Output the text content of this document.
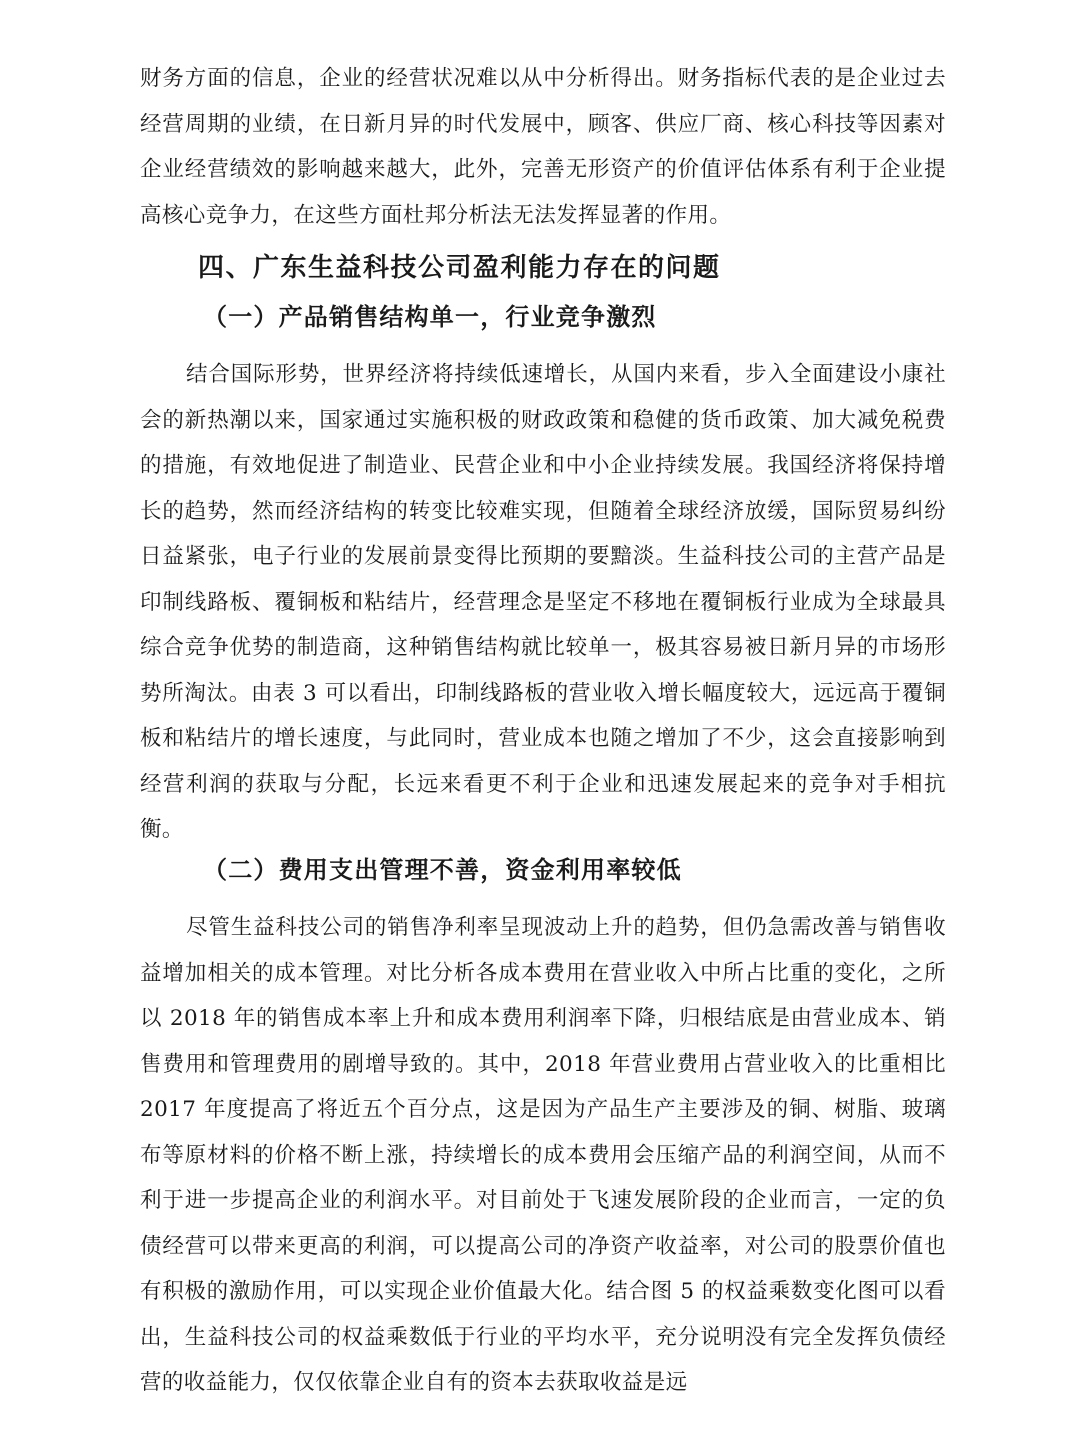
财务方面的信息，企业的经营状况难以从中分析得出。财务指标代表的是企业过去经营周期的业绩，在日新月异的时代发展中，顾客、供应厂商、核心科技等因素对企业经营绩效的影响越来越大，此外，完善无形资产的价值评估体系有利于企业提高核心竞争力，在这些方面杜邦分析法无法发挥显著的作用。

四、广东生益科技公司盈利能力存在的问题
（一）产品销售结构单一，行业竞争激烈

结合国际形势，世界经济将持续低速增长，从国内来看，步入全面建设小康社会的新热潮以来，国家通过实施积极的财政政策和稳健的货币政策、加大减免税费的措施，有效地促进了制造业、民营企业和中小企业持续发展。我国经济将保持增长的趋势，然而经济结构的转变比较难实现，但随着全球经济放缓，国际贸易纠纷日益紧张，电子行业的发展前景变得比预期的要黯淡。生益科技公司的主营产品是印制线路板、覆铜板和粘结片，经营理念是坚定不移地在覆铜板行业成为全球最具综合竞争优势的制造商，这种销售结构就比较单一，极其容易被日新月异的市场形势所淘汰。由表 3 可以看出，印制线路板的营业收入增长幅度较大，远远高于覆铜板和粘结片的增长速度，与此同时，营业成本也随之增加了不少，这会直接影响到经营利润的获取与分配，长远来看更不利于企业和迅速发展起来的竞争对手相抗衡。

（二）费用支出管理不善，资金利用率较低

尽管生益科技公司的销售净利率呈现波动上升的趋势，但仍急需改善与销售收益增加相关的成本管理。对比分析各成本费用在营业收入中所占比重的变化，之所以 2018 年的销售成本率上升和成本费用利润率下降，归根结底是由营业成本、销售费用和管理费用的剧增导致的。其中，2018 年营业费用占营业收入的比重相比 2017 年度提高了将近五个百分点，这是因为产品生产主要涉及的铜、树脂、玻璃布等原材料的价格不断上涨，持续增长的成本费用会压缩产品的利润空间，从而不利于进一步提高企业的利润水平。对目前处于飞速发展阶段的企业而言，一定的负债经营可以带来更高的利润，可以提高公司的净资产收益率，对公司的股票价值也有积极的激励作用，可以实现企业价值最大化。结合图 5 的权益乘数变化图可以看出，生益科技公司的权益乘数低于行业的平均水平，充分说明没有完全发挥负债经营的收益能力，仅仅依靠企业自有的资本去获取收益是远
